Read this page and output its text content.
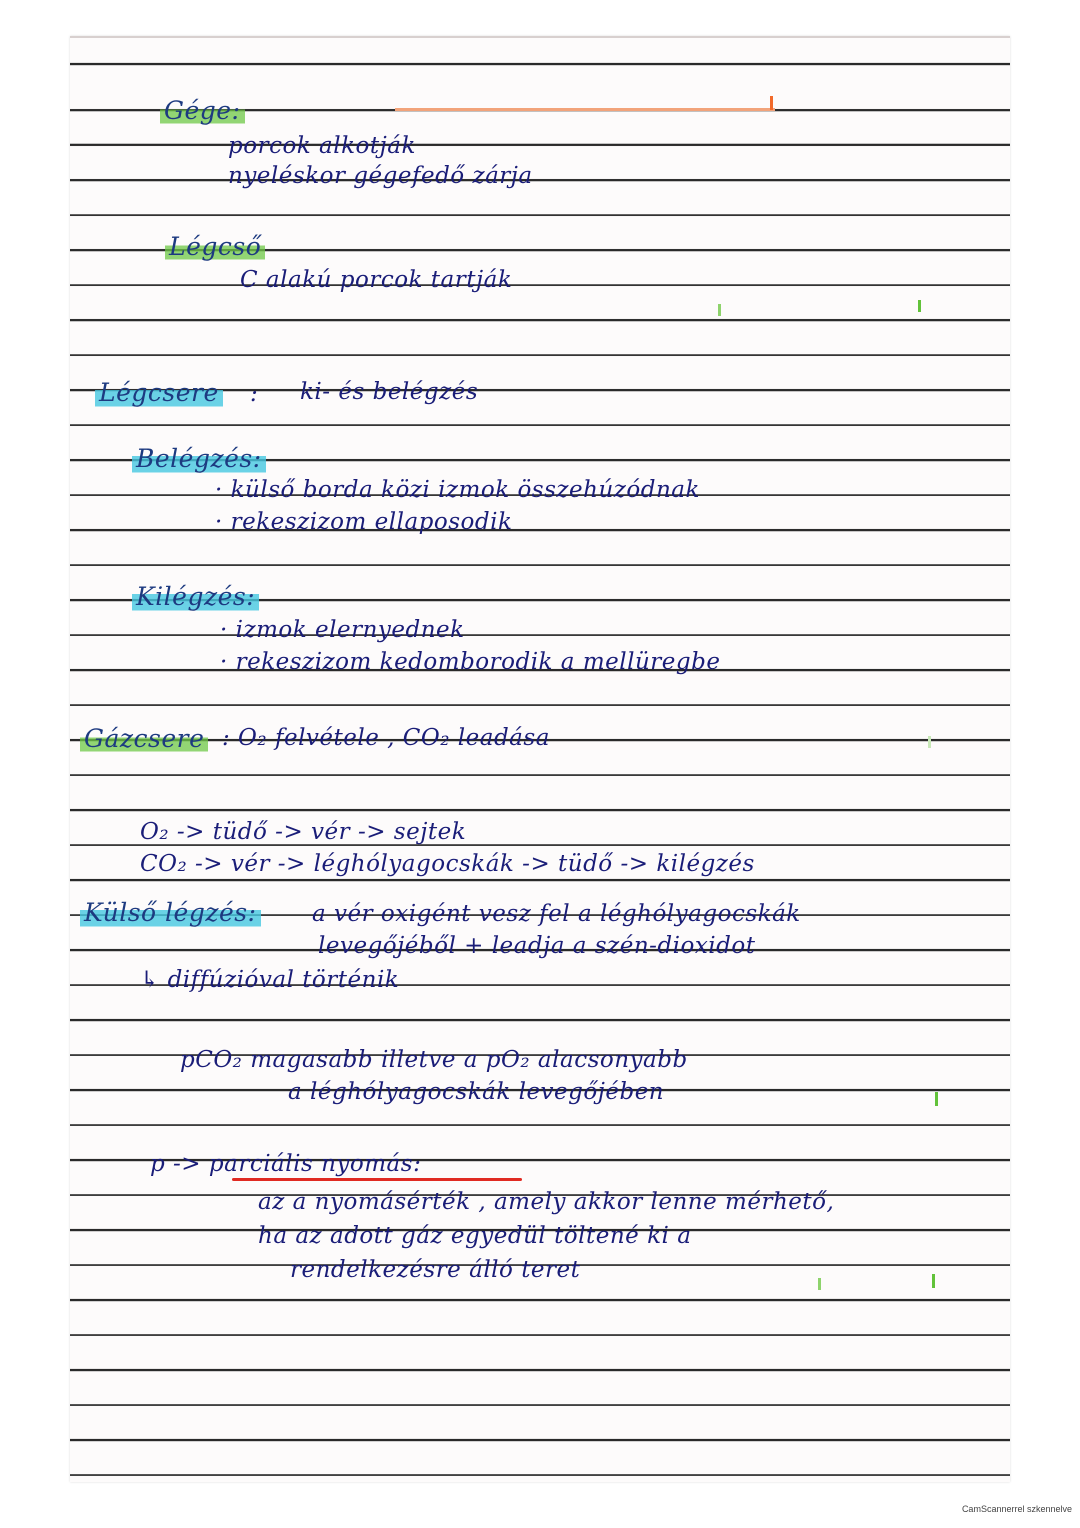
Gége:
porcok alkotják
nyeléskor gégefedő zárja
Légcső
C alakú porcok tartják
Légcsere : ki- és belégzés
Belégzés:
· külső borda közi izmok összehúzódnak
· rekeszizom ellaposodik
Kilégzés:
· izmok elernyednek
· rekeszizom kedomborodik a mellüregbe
Gázcsere : O₂ felvétele , CO₂ leadása
O₂ -> tüdő -> vér -> sejtek
CO₂ -> vér -> léghólyagocskák -> tüdő -> kilégzés
Külső légzés: a vér oxigént vesz fel a léghólyagocskák
levegőjéből + leadja a szén-dioxidot
↳ diffúzióval történik
pCO₂ magasabb illetve a pO₂ alacsonyabb
a léghólyagocskák levegőjében
p -> parciális nyomás:
az a nyomásérték , amely akkor lenne mérhető,
ha az adott gáz egyedül töltené ki a
rendelkezésre álló teret
CamScannerrel szkennelve
